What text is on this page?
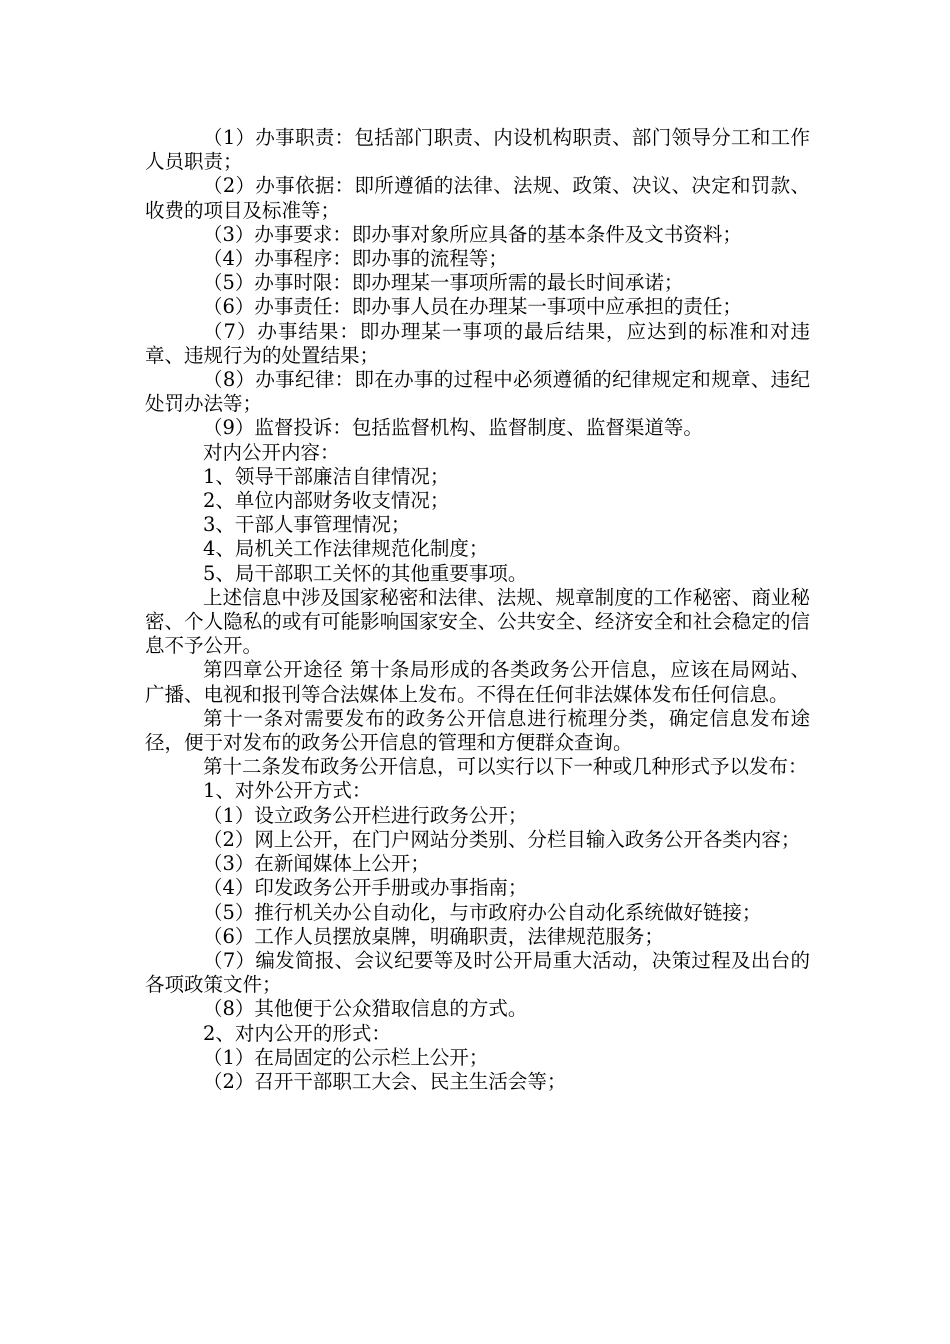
（1）办事职责：包括部门职责、内设机构职责、部门领导分工和工作人员职责；

（2）办事依据：即所遵循的法律、法规、政策、决议、决定和罚款、收费的项目及标准等；

（3）办事要求：即办事对象所应具备的基本条件及文书资料；

（4）办事程序：即办事的流程等；

（5）办事时限：即办理某一事项所需的最长时间承诺；

（6）办事责任：即办事人员在办理某一事项中应承担的责任；

（7）办事结果：即办理某一事项的最后结果，应达到的标准和对违章、违规行为的处置结果；

（8）办事纪律：即在办事的过程中必须遵循的纪律规定和规章、违纪处罚办法等；

（9）监督投诉：包括监督机构、监督制度、监督渠道等。

对内公开内容：

1、领导干部廉洁自律情况；

2、单位内部财务收支情况；

3、干部人事管理情况；

4、局机关工作法律规范化制度；

5、局干部职工关怀的其他重要事项。

上述信息中涉及国家秘密和法律、法规、规章制度的工作秘密、商业秘密、个人隐私的或有可能影响国家安全、公共安全、经济安全和社会稳定的信息不予公开。

第四章公开途径 第十条局形成的各类政务公开信息，应该在局网站、广播、电视和报刊等合法媒体上发布。不得在任何非法媒体发布任何信息。

第十一条对需要发布的政务公开信息进行梳理分类，确定信息发布途径，便于对发布的政务公开信息的管理和方便群众查询。

第十二条发布政务公开信息，可以实行以下一种或几种形式予以发布：

1、对外公开方式：

（1）设立政务公开栏进行政务公开；

（2）网上公开，在门户网站分类别、分栏目输入政务公开各类内容；

（3）在新闻媒体上公开；

（4）印发政务公开手册或办事指南；

（5）推行机关办公自动化，与市政府办公自动化系统做好链接；

（6）工作人员摆放桌牌，明确职责，法律规范服务；

（7）编发简报、会议纪要等及时公开局重大活动，决策过程及出台的各项政策文件；

（8）其他便于公众猎取信息的方式。

2、对内公开的形式：

（1）在局固定的公示栏上公开；

（2）召开干部职工大会、民主生活会等；
